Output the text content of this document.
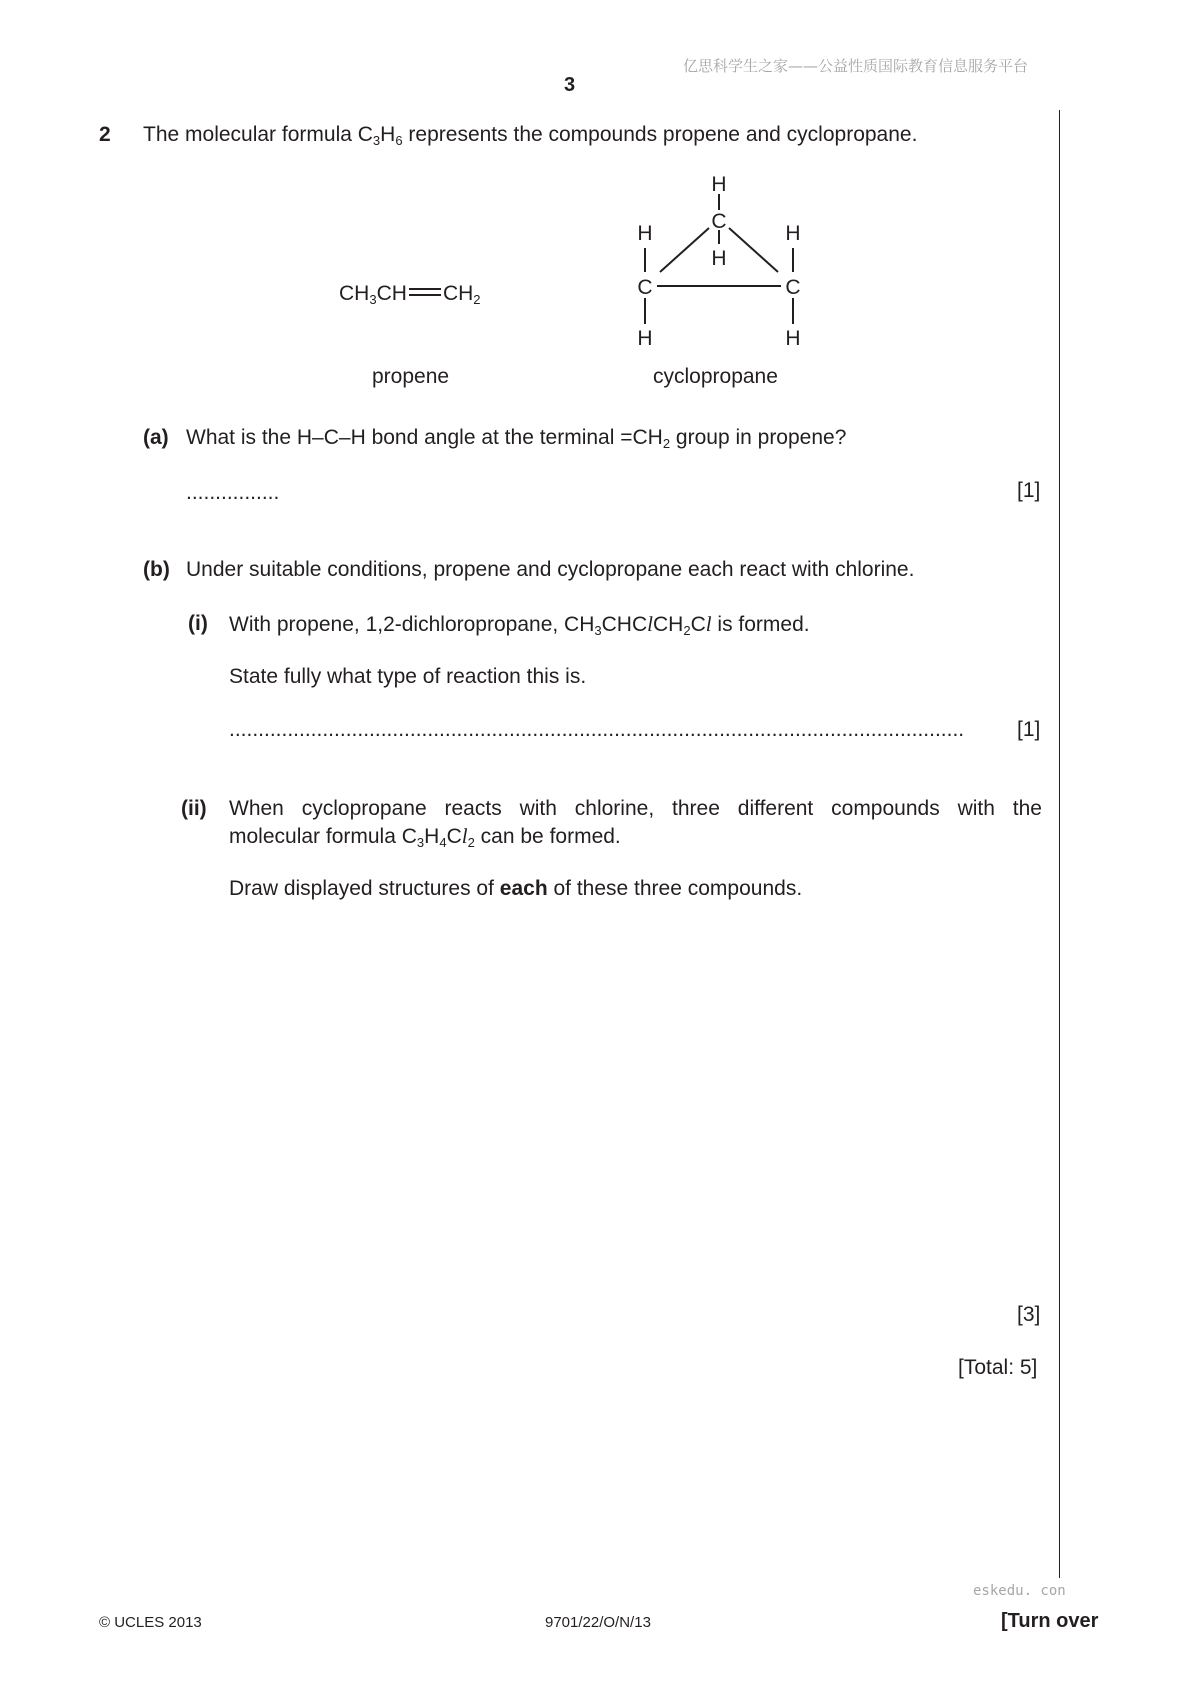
亿思科学生之家——公益性质国际教育信息服务平台
3
2 The molecular formula $C_3H_6$ represents the compounds propene and cyclopropane.
$CH_3CH$ $CH_2$
propene
H
C
H
H
C
H
H
C
H
cyclopropane
(a) What is the H–C–H bond angle at the terminal $=CH_2$ group in propene?
................	[1]
(b) Under suitable conditions, propene and cyclopropane each react with chlorine.
(i) With propene, 1,2-dichloropropane, $CH_3CHClCH_2Cl$ is formed.
State fully what type of reaction this is.
..............................................................................................................................	[1]
(ii) When cyclopropane reacts with chlorine, three different compounds with the
molecular formula $C_3H_4Cl_2$ can be formed.
Draw displayed structures of each of these three compounds.
[3]
[Total: 5]
eskedu. con
© UCLES 2013	9701/22/O/N/13	[Turn over
